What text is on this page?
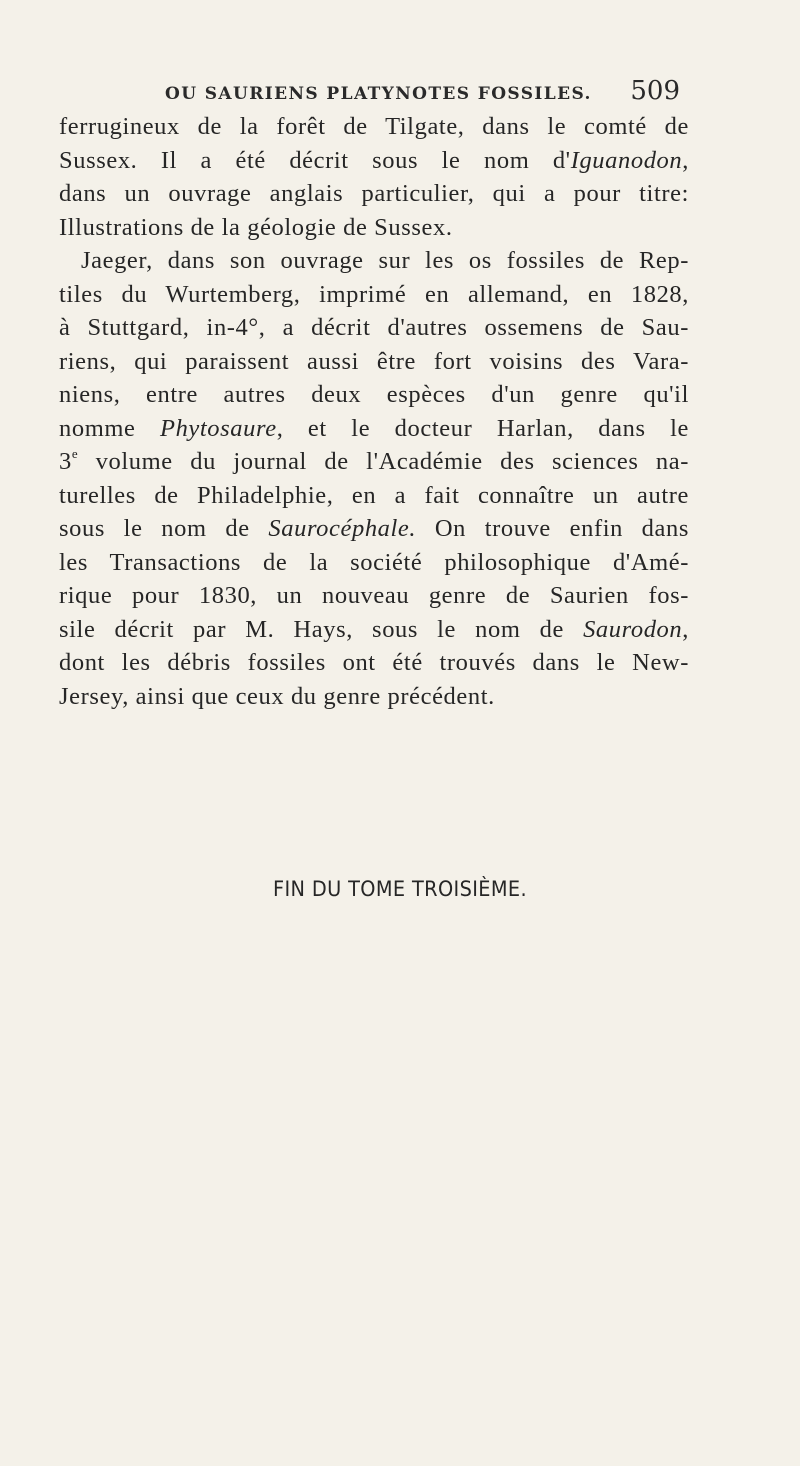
OU SAURIENS PLATYNOTES FOSSILES. 509
ferrugineux de la forêt de Tilgate, dans le comté de
Sussex. Il a été décrit sous le nom d'Iguanodon,
dans un ouvrage anglais particulier, qui a pour titre:
Illustrations de la géologie de Sussex.
Jaeger, dans son ouvrage sur les os fossiles de Rep-
tiles du Wurtemberg, imprimé en allemand, en 1828,
à Stuttgard, in-4°, a décrit d'autres ossemens de Sau-
riens, qui paraissent aussi être fort voisins des Vara-
niens, entre autres deux espèces d'un genre qu'il
nomme Phytosaure, et le docteur Harlan, dans le
3e volume du journal de l'Académie des sciences na-
turelles de Philadelphie, en a fait connaître un autre
sous le nom de Saurocéphale. On trouve enfin dans
les Transactions de la société philosophique d'Amé-
rique pour 1830, un nouveau genre de Saurien fos-
sile décrit par M. Hays, sous le nom de Saurodon,
dont les débris fossiles ont été trouvés dans le New-
Jersey, ainsi que ceux du genre précédent.
FIN DU TOME TROISIÈME.
